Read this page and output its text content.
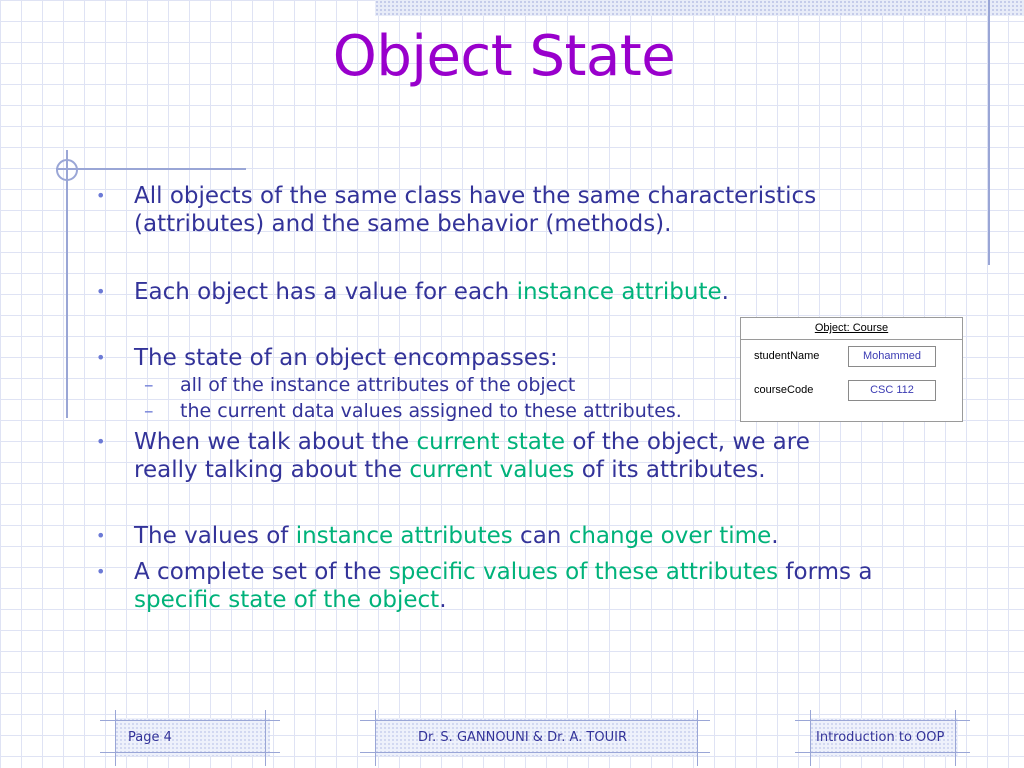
Object State
• All objects of the same class have the same characteristics
(attributes) and the same behavior (methods).
• Each object has a value for each instance attribute.
• The state of an object encompasses:
– all of the instance attributes of the object
– the current data values assigned to these attributes.
• When we talk about the current state of the object, we are
really talking about the current values of its attributes.
• The values of instance attributes can change over time.
• A complete set of the specific values of these attributes forms a
specific state of the object.
Object: Course
studentName	Mohammed
courseCode	CSC 112
Page 4	Dr. S. GANNOUNI & Dr. A. TOUIR	Introduction to OOP
